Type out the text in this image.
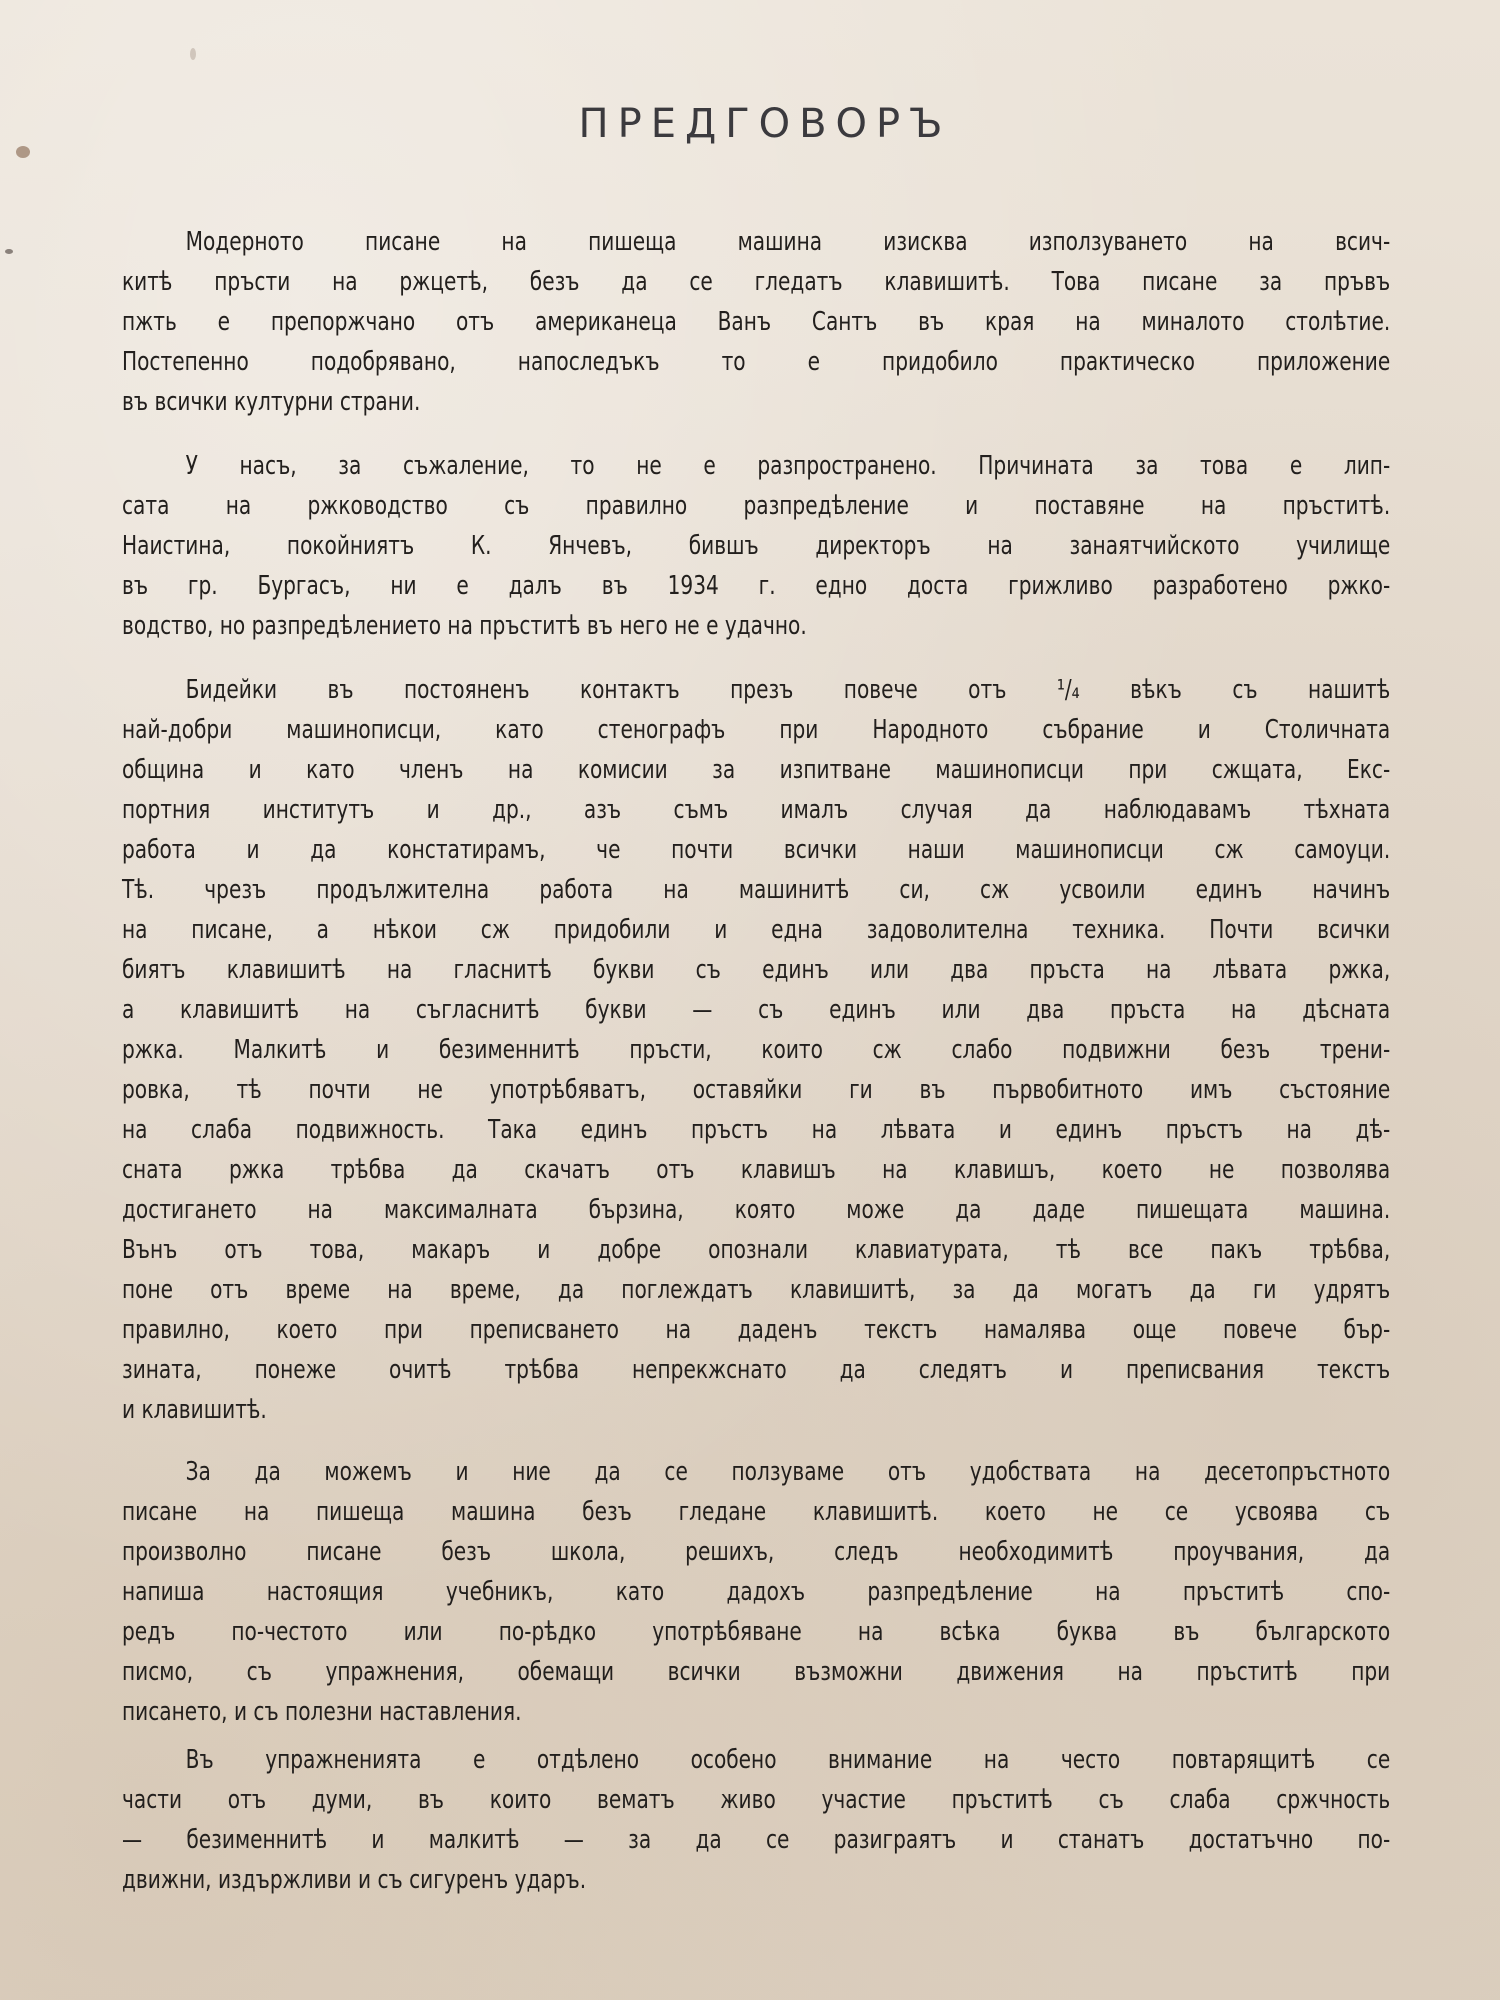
ПРЕДГОВОРЪ
Модерното писане на пишеща машина изисква използуването на всич-
китѣ пръсти на ржцетѣ, безъ да се гледатъ клавишитѣ. Това писане за пръвъ
пжть е препоржчано отъ американеца Ванъ Сантъ въ края на миналото столѣтие.
Постепенно подобрявано, напоследъкъ то е придобило практическо приложение
въ всички културни страни.
У насъ, за съжаление, то не е разпространено. Причината за това е лип-
сата на ржководство съ правилно разпредѣление и поставяне на пръститѣ.
Наистина, покойниятъ К. Янчевъ, бившъ директоръ на занаятчийското училище
въ гр. Бургасъ, ни е далъ въ 1934 г. едно доста грижливо разработено ржко-
водство, но разпредѣлението на пръститѣ въ него не е удачно.
Бидейки въ постояненъ контактъ презъ повече отъ ¹/₄ вѣкъ съ нашитѣ
най-добри машинописци, като стенографъ при Народното събрание и Столичната
община и като членъ на комисии за изпитване машинописци при сжщата, Екс-
портния институтъ и др., азъ съмъ ималъ случая да наблюдавамъ тѣхната
работа и да констатирамъ, че почти всички наши машинописци сж самоуци.
Тѣ. чрезъ продължителна работа на машинитѣ си, сж усвоили единъ начинъ
на писане, а нѣкои сж придобили и една задоволителна техника. Почти всички
биятъ клавишитѣ на гласнитѣ букви съ единъ или два пръста на лѣвата ржка,
а клавишитѣ на съгласнитѣ букви — съ единъ или два пръста на дѣсната
ржка. Малкитѣ и безименнитѣ пръсти, които сж слабо подвижни безъ трени-
ровка, тѣ почти не употрѣбяватъ, оставяйки ги въ първобитното имъ състояние
на слаба подвижность. Така единъ пръстъ на лѣвата и единъ пръстъ на дѣ-
сната ржка трѣбва да скачатъ отъ клавишъ на клавишъ, което не позволява
достигането на максималната бързина, която може да даде пишещата машина.
Вънъ отъ това, макаръ и добре опознали клавиатурата, тѣ все пакъ трѣбва,
поне отъ време на време, да поглеждатъ клавишитѣ, за да могатъ да ги удрятъ
правилно, което при преписването на даденъ текстъ намалява още повече бър-
зината, понеже очитѣ трѣбва непрекжснато да следятъ и преписвания текстъ
и клавишитѣ.
За да можемъ и ние да се ползуваме отъ удобствата на десетопръстното
писане на пишеща машина безъ гледане клавишитѣ. което не се усвоява съ
произволно писане безъ школа, решихъ, следъ необходимитѣ проучвания, да
напиша настоящия учебникъ, като дадохъ разпредѣление на пръститѣ спо-
редъ по-честото или по-рѣдко употрѣбяване на всѣка буква въ българското
писмо, съ упражнения, обемащи всички възможни движения на пръститѣ при
писането, и съ полезни наставления.
Въ упражненията е отдѣлено особено внимание на често повтарящитѣ се
части отъ думи, въ които вематъ живо участие пръститѣ съ слаба сржчность
— безименнитѣ и малкитѣ — за да се разиграятъ и станатъ достатъчно по-
движни, издържливи и съ сигуренъ ударъ.
